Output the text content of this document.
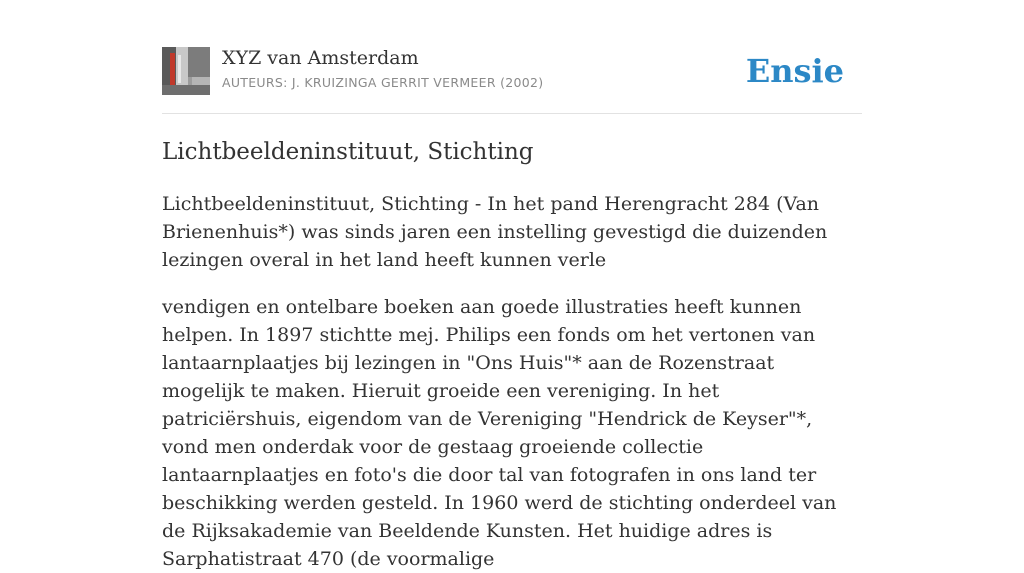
XYZ van Amsterdam
AUTEURS: J. KRUIZINGA GERRIT VERMEER (2002)	Ensie
Lichtbeeldeninstituut, Stichting

Lichtbeeldeninstituut, Stichting - In het pand Herengracht 284 (Van Brienenhuis*) was sinds jaren een instelling gevestigd die duizenden lezingen overal in het land heeft kunnen verle

vendigen en ontelbare boeken aan goede illustraties heeft kunnen helpen. In 1897 stichtte mej. Philips een fonds om het vertonen van lantaarnplaatjes bij lezingen in "Ons Huis"* aan de Rozenstraat mogelijk te maken. Hieruit groeide een vereniging. In het patriciërshuis, eigendom van de Vereniging "Hendrick de Keyser"*, vond men onderdak voor de gestaag groeiende collectie lantaarnplaatjes en foto's die door tal van fotografen in ons land ter beschikking werden gesteld. In 1960 werd de stichting onderdeel van de Rijksakademie van Beeldende Kunsten. Het huidige adres is Sarphatistraat 470 (de voormalige
